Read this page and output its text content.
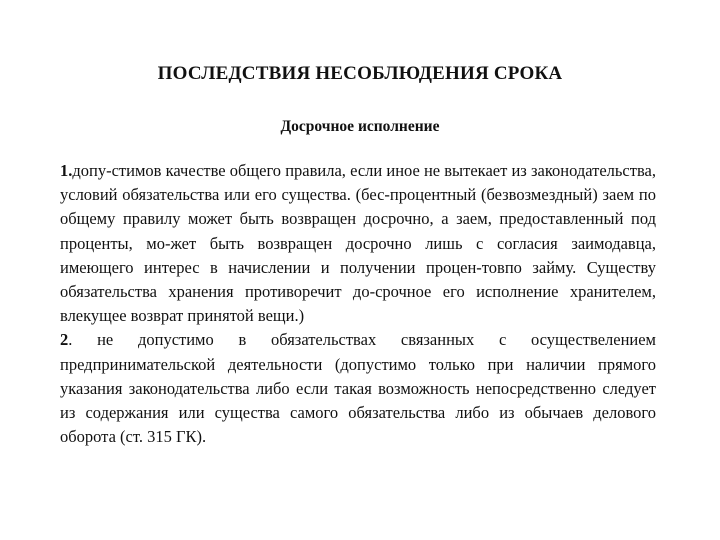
ПОСЛЕДСТВИЯ НЕСОБЛЮДЕНИЯ СРОКА
Досрочное исполнение

1.допу-стимов качестве общего правила, если иное не вытекает из законодательства, условий обязательства или его существа. (бес-процентный (безвозмездный) заем по общему правилу может быть возвращен досрочно, а заем, предоставленный под проценты, мо-жет быть возвращен досрочно лишь с согласия заимодавца, имеющего интерес в начислении и получении процен-товпо займу. Существу обязательства хранения противоречит до-срочное его исполнение хранителем, влекущее возврат принятой вещи.)

2. не допустимо в обязательствах связанных с осуществелением предпринимательской деятельности (допустимо только при наличии прямого указания законодательства либо если такая возможность непосредственно следует из содержания или существа самого обязательства либо из обычаев делового оборота (ст. 315 ГК).
